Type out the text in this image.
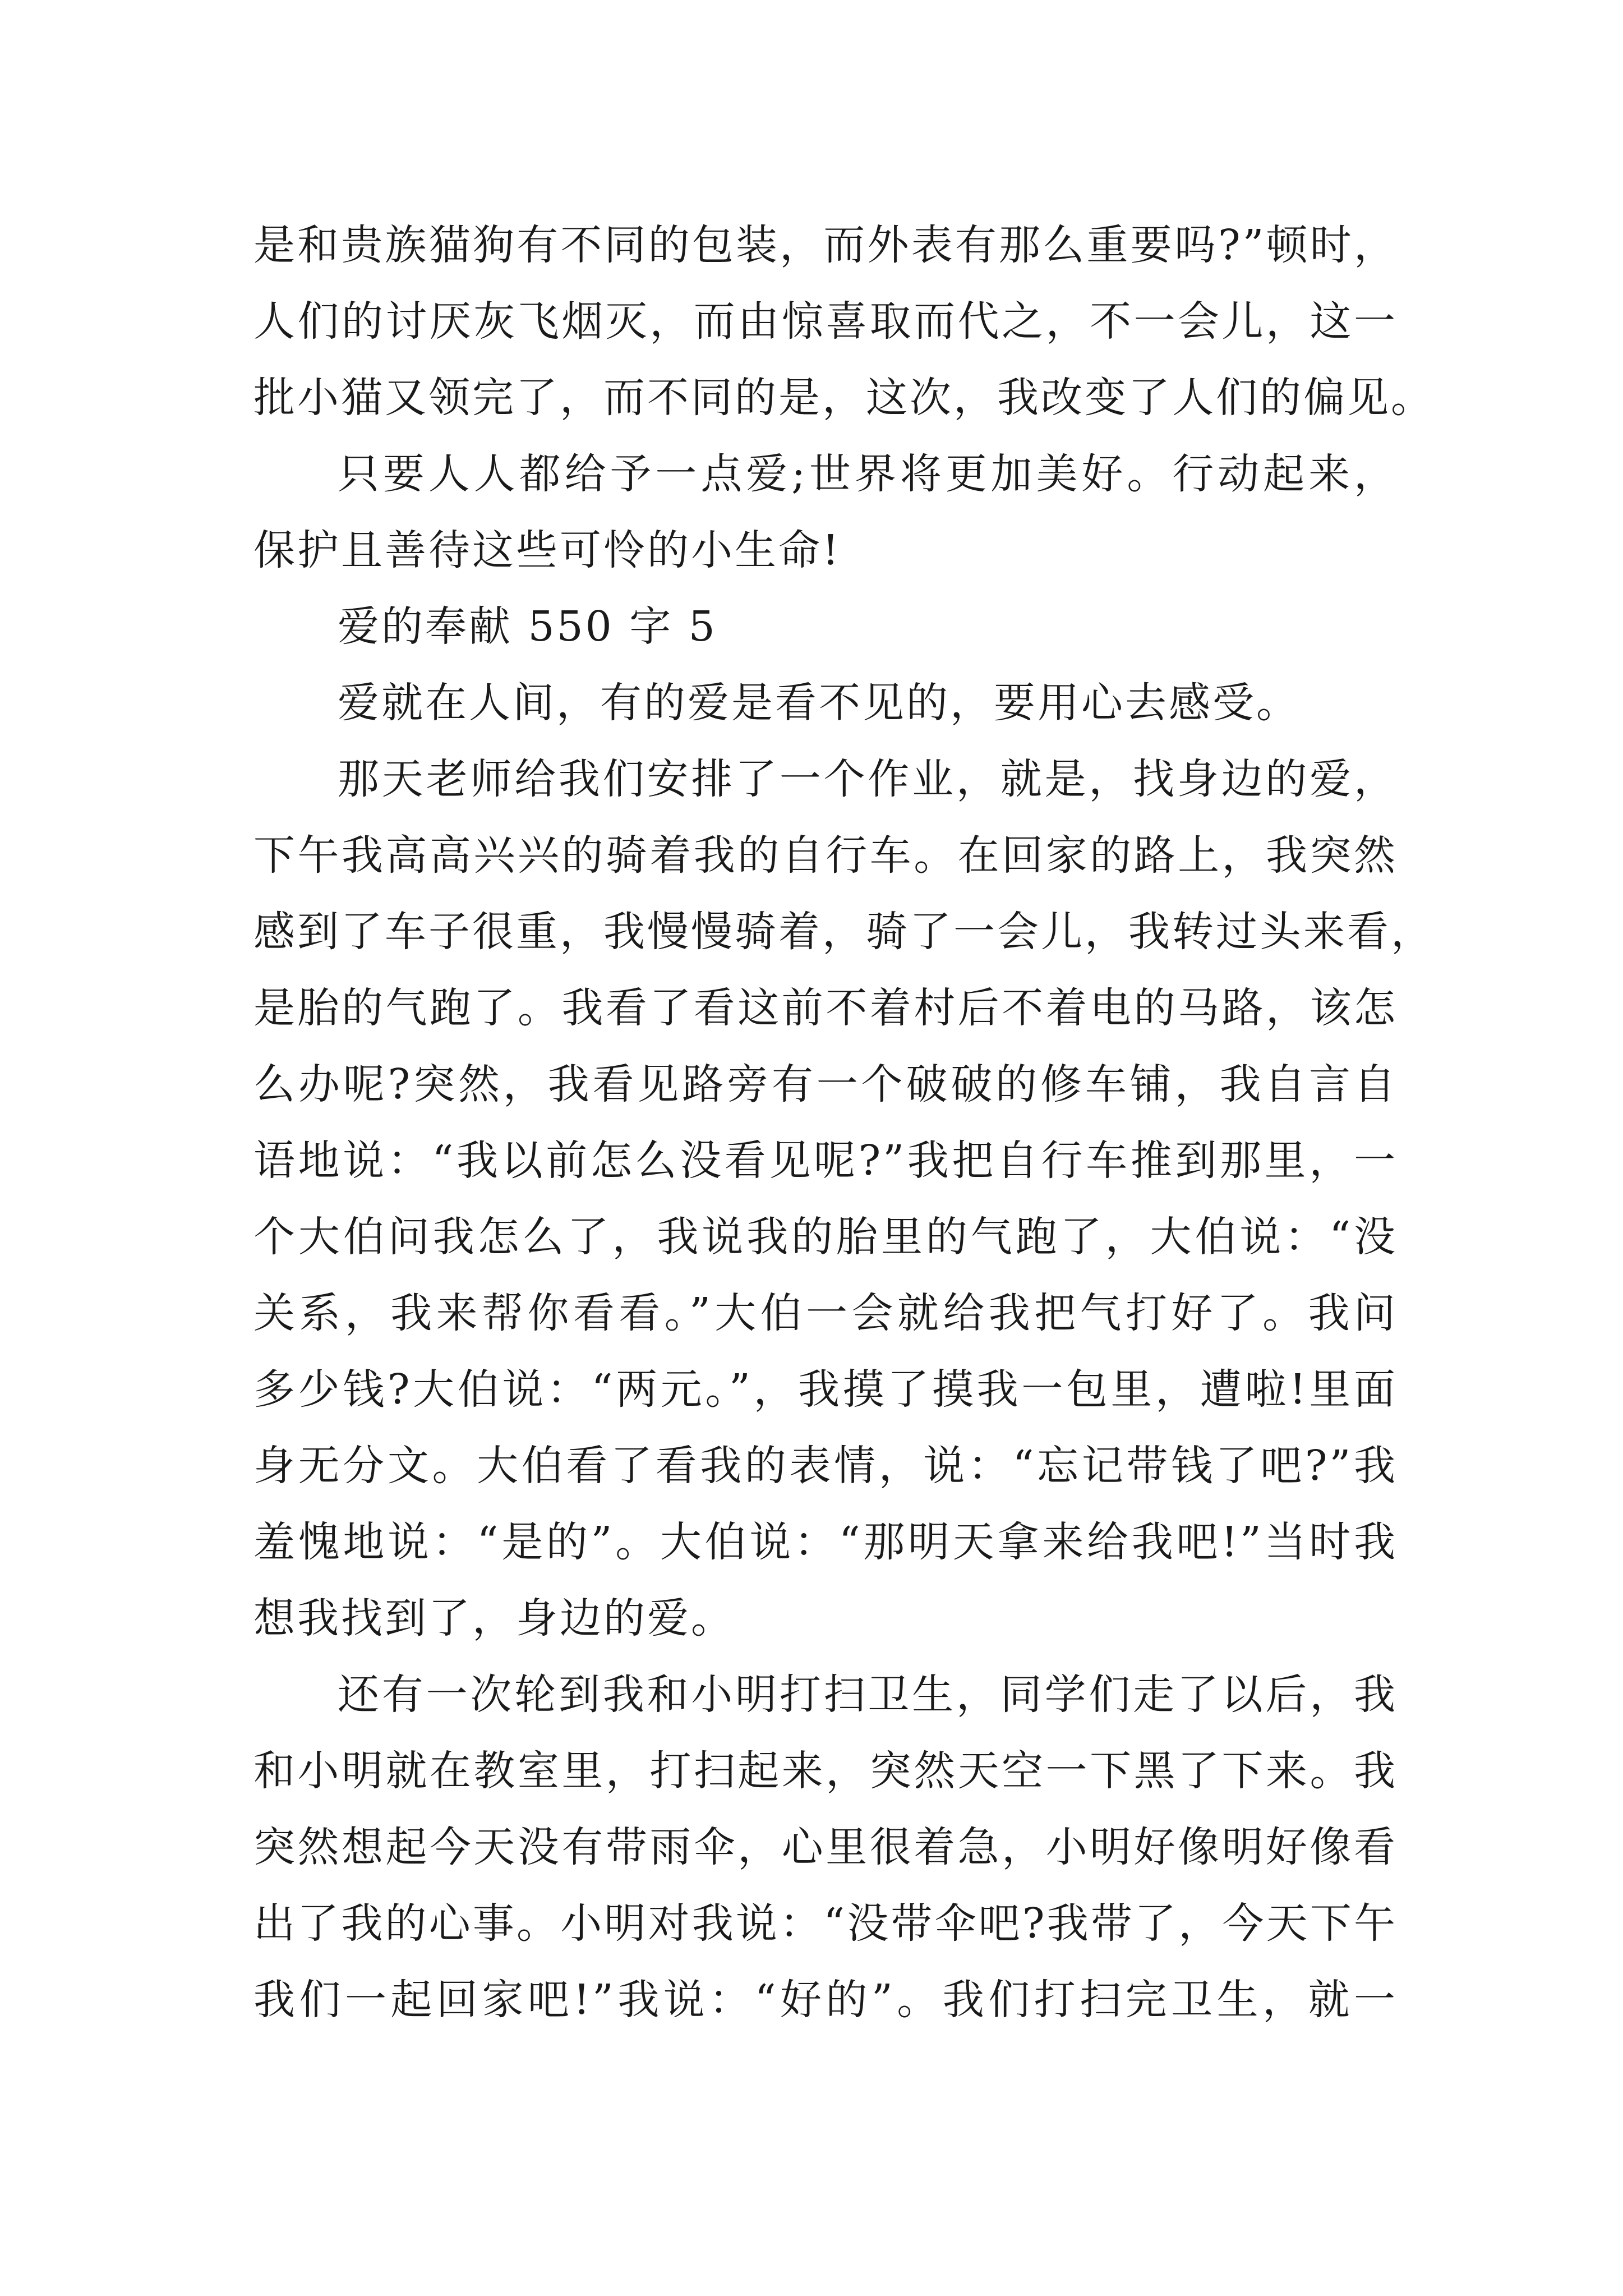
是和贵族猫狗有不同的包装，而外表有那么重要吗?”顿时，
人们的讨厌灰飞烟灭，而由惊喜取而代之，不一会儿，这一
批小猫又领完了，而不同的是，这次，我改变了人们的偏见。
只要人人都给予一点爱;世界将更加美好。行动起来，
保护且善待这些可怜的小生命!
爱的奉献 550 字 5
爱就在人间，有的爱是看不见的，要用心去感受。
那天老师给我们安排了一个作业，就是，找身边的爱，
下午我高高兴兴的骑着我的自行车。在回家的路上，我突然
感到了车子很重，我慢慢骑着，骑了一会儿，我转过头来看，
是胎的气跑了。我看了看这前不着村后不着电的马路，该怎
么办呢?突然，我看见路旁有一个破破的修车铺，我自言自
语地说：“我以前怎么没看见呢?”我把自行车推到那里，一
个大伯问我怎么了，我说我的胎里的气跑了，大伯说：“没
关系，我来帮你看看。”大伯一会就给我把气打好了。我问
多少钱?大伯说：“两元。”，我摸了摸我一包里，遭啦!里面
身无分文。大伯看了看我的表情，说：“忘记带钱了吧?”我
羞愧地说：“是的”。大伯说：“那明天拿来给我吧!”当时我
想我找到了，身边的爱。
还有一次轮到我和小明打扫卫生，同学们走了以后，我
和小明就在教室里，打扫起来，突然天空一下黑了下来。我
突然想起今天没有带雨伞，心里很着急，小明好像明好像看
出了我的心事。小明对我说：“没带伞吧?我带了，今天下午
我们一起回家吧!”我说：“好的”。我们打扫完卫生，就一
